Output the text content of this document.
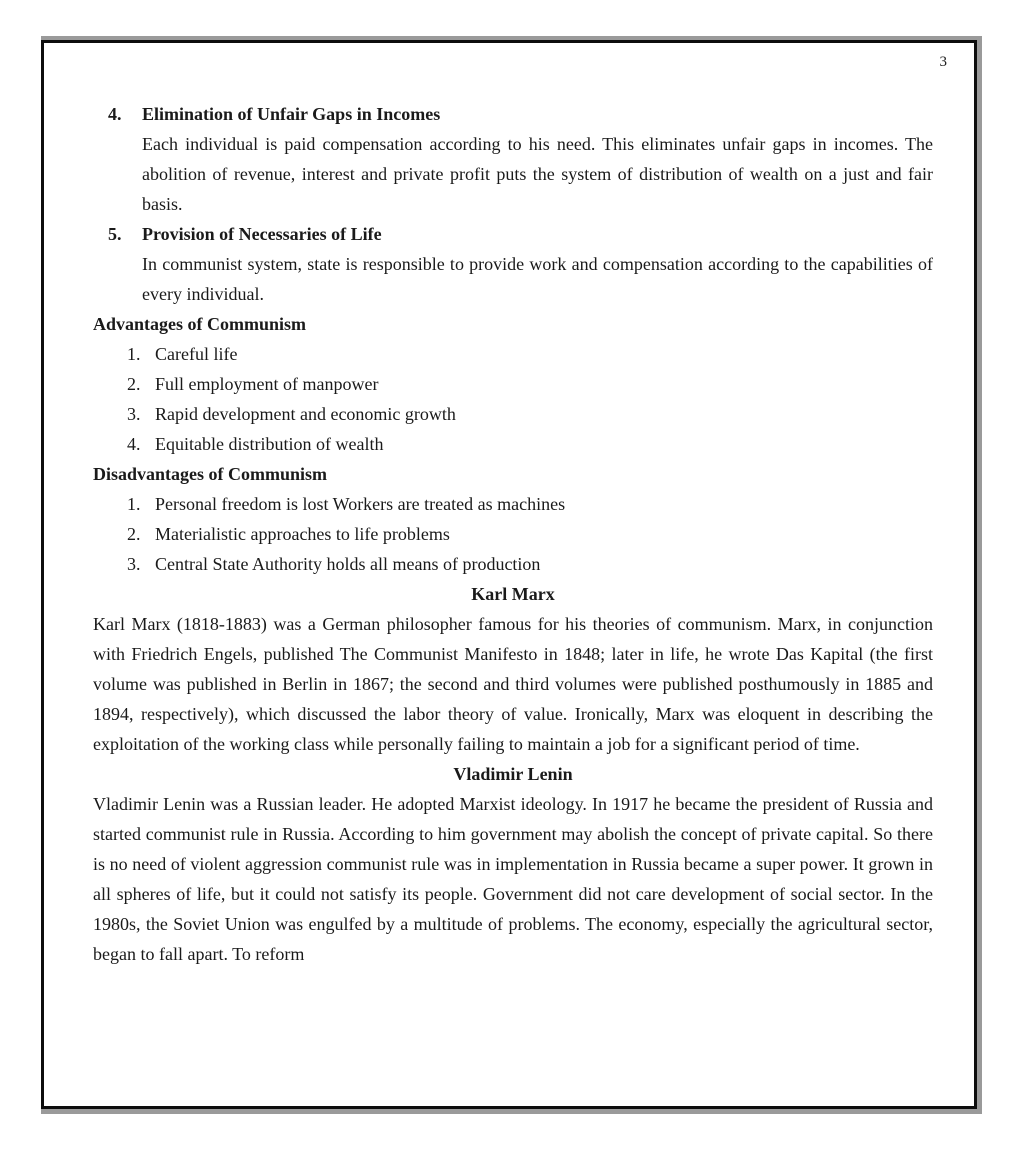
3
4.	Elimination of Unfair Gaps in Incomes
Each individual is paid compensation according to his need. This eliminates unfair gaps in incomes. The abolition of revenue, interest and private profit puts the system of distribution of wealth on a just and fair basis.
5.	Provision of Necessaries of Life
In communist system, state is responsible to provide work and compensation according to the capabilities of every individual.
Advantages of Communism
1. Careful life
2. Full employment of manpower
3. Rapid development and economic growth
4. Equitable distribution of wealth
Disadvantages of Communism
1. Personal freedom is lost Workers are treated as machines
2. Materialistic approaches to life problems
3. Central State Authority holds all means of production
Karl Marx
Karl Marx (1818-1883) was a German philosopher famous for his theories of communism. Marx, in conjunction with Friedrich Engels, published The Communist Manifesto in 1848; later in life, he wrote Das Kapital (the first volume was published in Berlin in 1867; the second and third volumes were published posthumously in 1885 and 1894, respectively), which discussed the labor theory of value. Ironically, Marx was eloquent in describing the exploitation of the working class while personally failing to maintain a job for a significant period of time.
Vladimir Lenin
Vladimir Lenin was a Russian leader. He adopted Marxist ideology. In 1917 he became the president of Russia and started communist rule in Russia. According to him government may abolish the concept of private capital. So there is no need of violent aggression communist rule was in implementation in Russia became a super power. It grown in all spheres of life, but it could not satisfy its people. Government did not care development of social sector. In the 1980s, the Soviet Union was engulfed by a multitude of problems. The economy, especially the agricultural sector, began to fall apart. To reform
